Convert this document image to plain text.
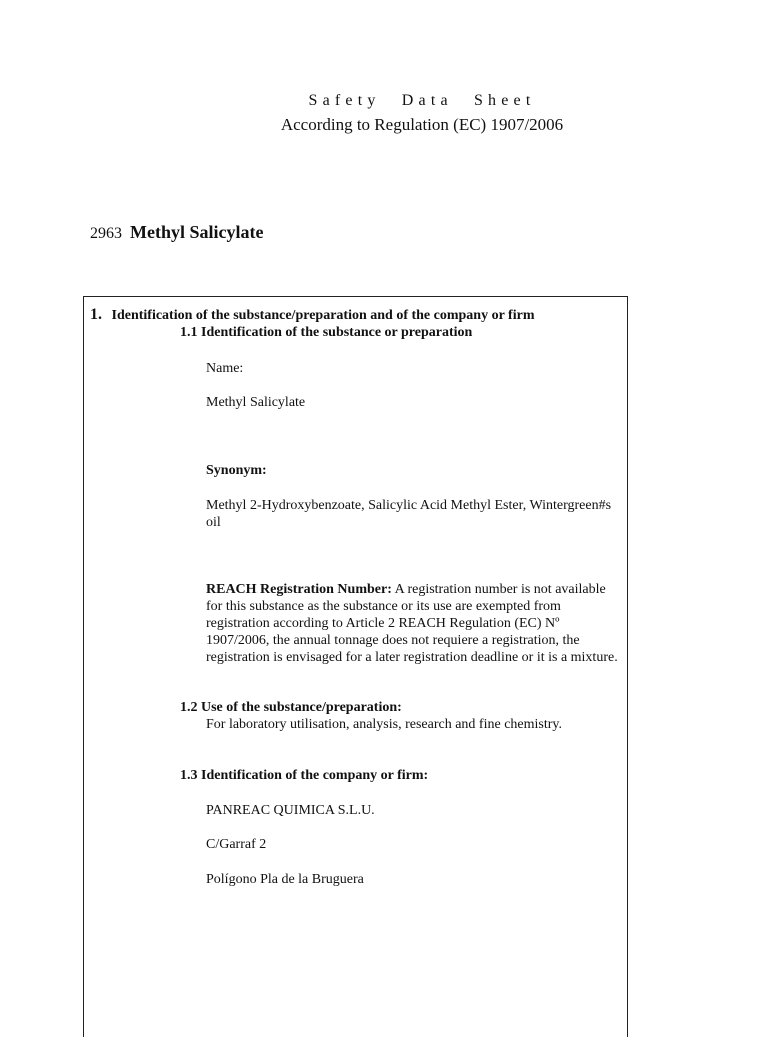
Safety Data Sheet
According to Regulation (EC) 1907/2006
2963 Methyl Salicylate
1. Identification of the substance/preparation and of the company or firm
1.1 Identification of the substance or preparation
Name:
Methyl Salicylate
Synonym:
Methyl 2-Hydroxybenzoate, Salicylic Acid Methyl Ester, Wintergreen#s
oil
REACH Registration Number: A registration number is not available
for this substance as the substance or its use are exempted from
registration according to Article 2 REACH Regulation (EC) Nº
1907/2006, the annual tonnage does not requiere a registration, the
registration is envisaged for a later registration deadline or it is a mixture.
1.2 Use of the substance/preparation:
For laboratory utilisation, analysis, research and fine chemistry.
1.3 Identification of the company or firm:
PANREAC QUIMICA S.L.U.
C/Garraf 2
Polígono Pla de la Bruguera
